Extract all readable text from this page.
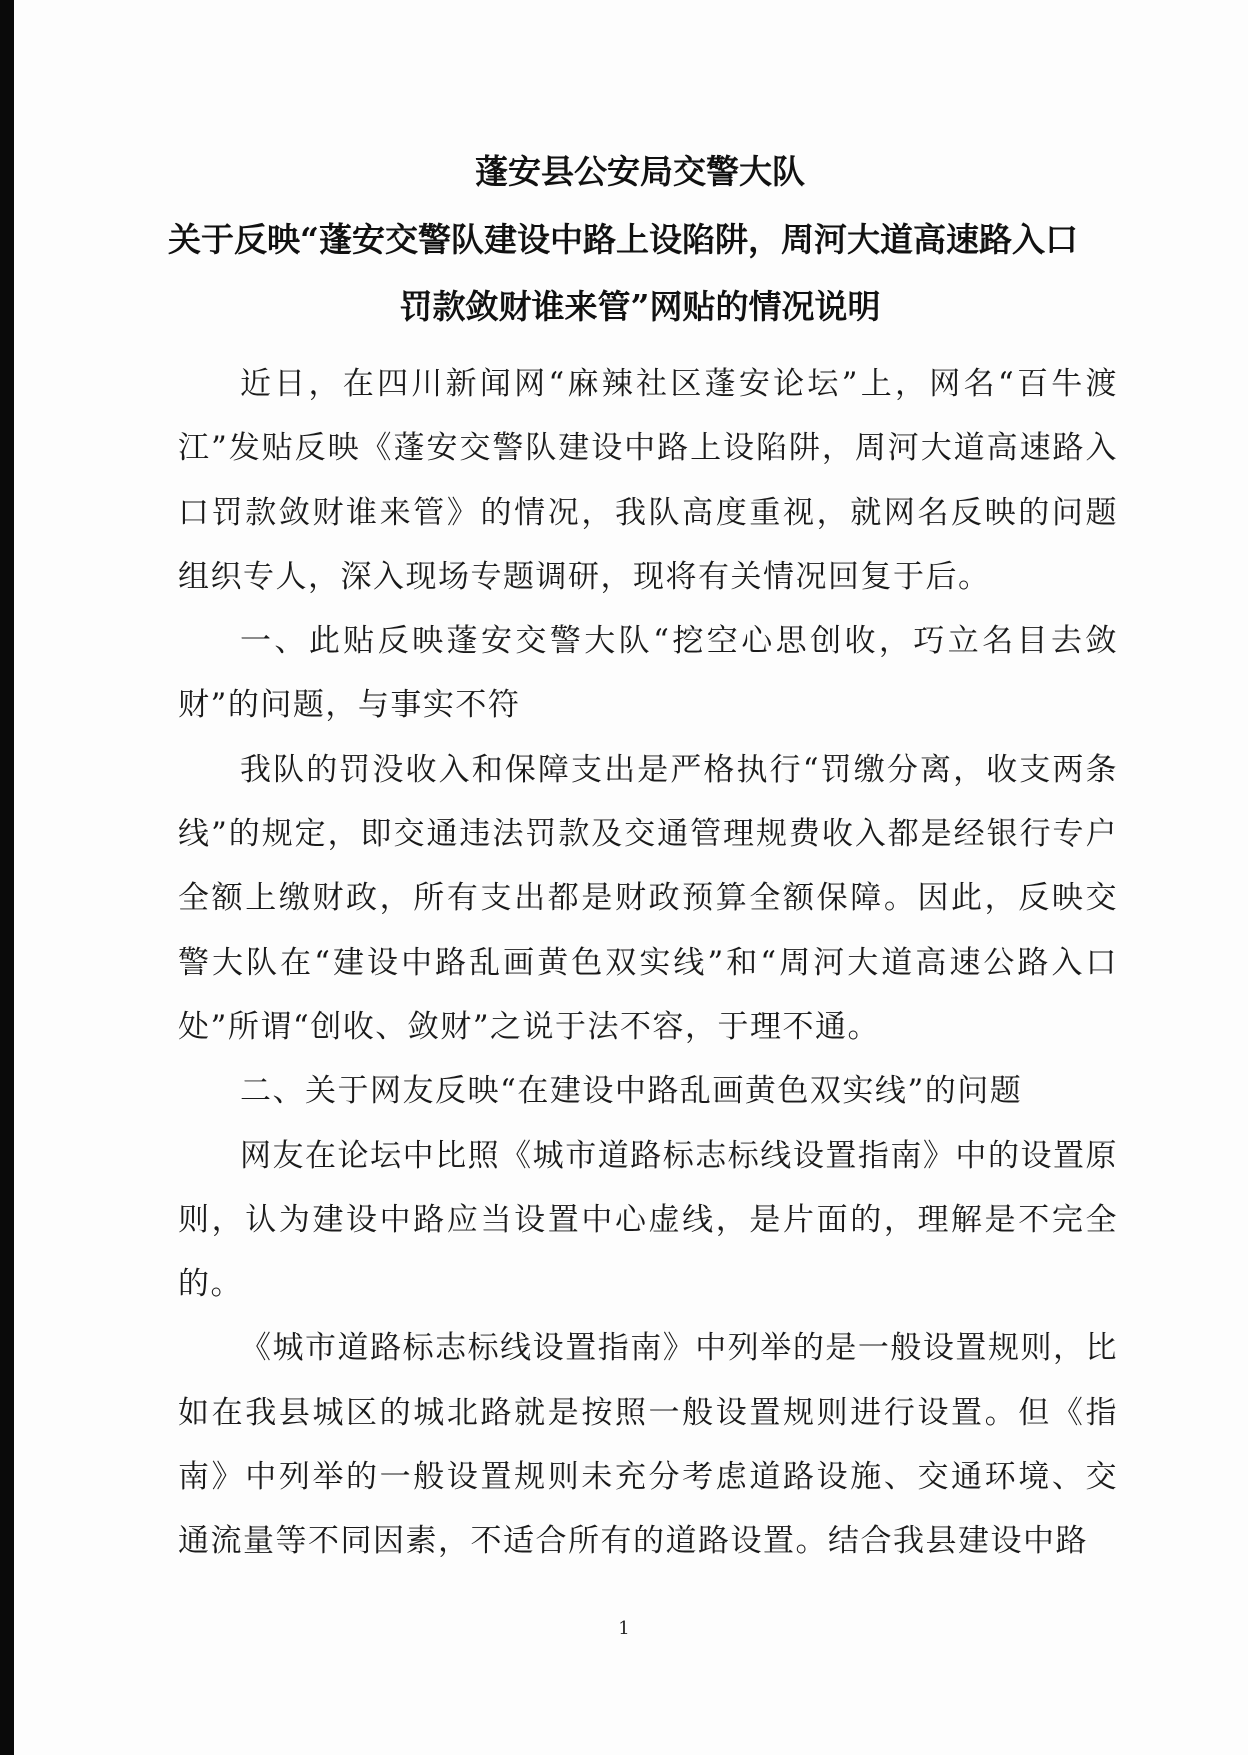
蓬安县公安局交警大队
关于反映“蓬安交警队建设中路上设陷阱，周河大道高速路入口
罚款敛财谁来管”网贴的情况说明

近日，在四川新闻网“麻辣社区蓬安论坛”上，网名“百牛渡江”发贴反映《蓬安交警队建设中路上设陷阱，周河大道高速路入口罚款敛财谁来管》的情况，我队高度重视，就网名反映的问题组织专人，深入现场专题调研，现将有关情况回复于后。

一、此贴反映蓬安交警大队“挖空心思创收，巧立名目去敛财”的问题，与事实不符

我队的罚没收入和保障支出是严格执行“罚缴分离，收支两条线”的规定，即交通违法罚款及交通管理规费收入都是经银行专户全额上缴财政，所有支出都是财政预算全额保障。因此，反映交警大队在“建设中路乱画黄色双实线”和“周河大道高速公路入口处”所谓“创收、敛财”之说于法不容，于理不通。

二、关于网友反映“在建设中路乱画黄色双实线”的问题

网友在论坛中比照《城市道路标志标线设置指南》中的设置原则，认为建设中路应当设置中心虚线，是片面的，理解是不完全的。

《城市道路标志标线设置指南》中列举的是一般设置规则，比如在我县城区的城北路就是按照一般设置规则进行设置。但《指南》中列举的一般设置规则未充分考虑道路设施、交通环境、交通流量等不同因素，不适合所有的道路设置。结合我县建设中路

1
